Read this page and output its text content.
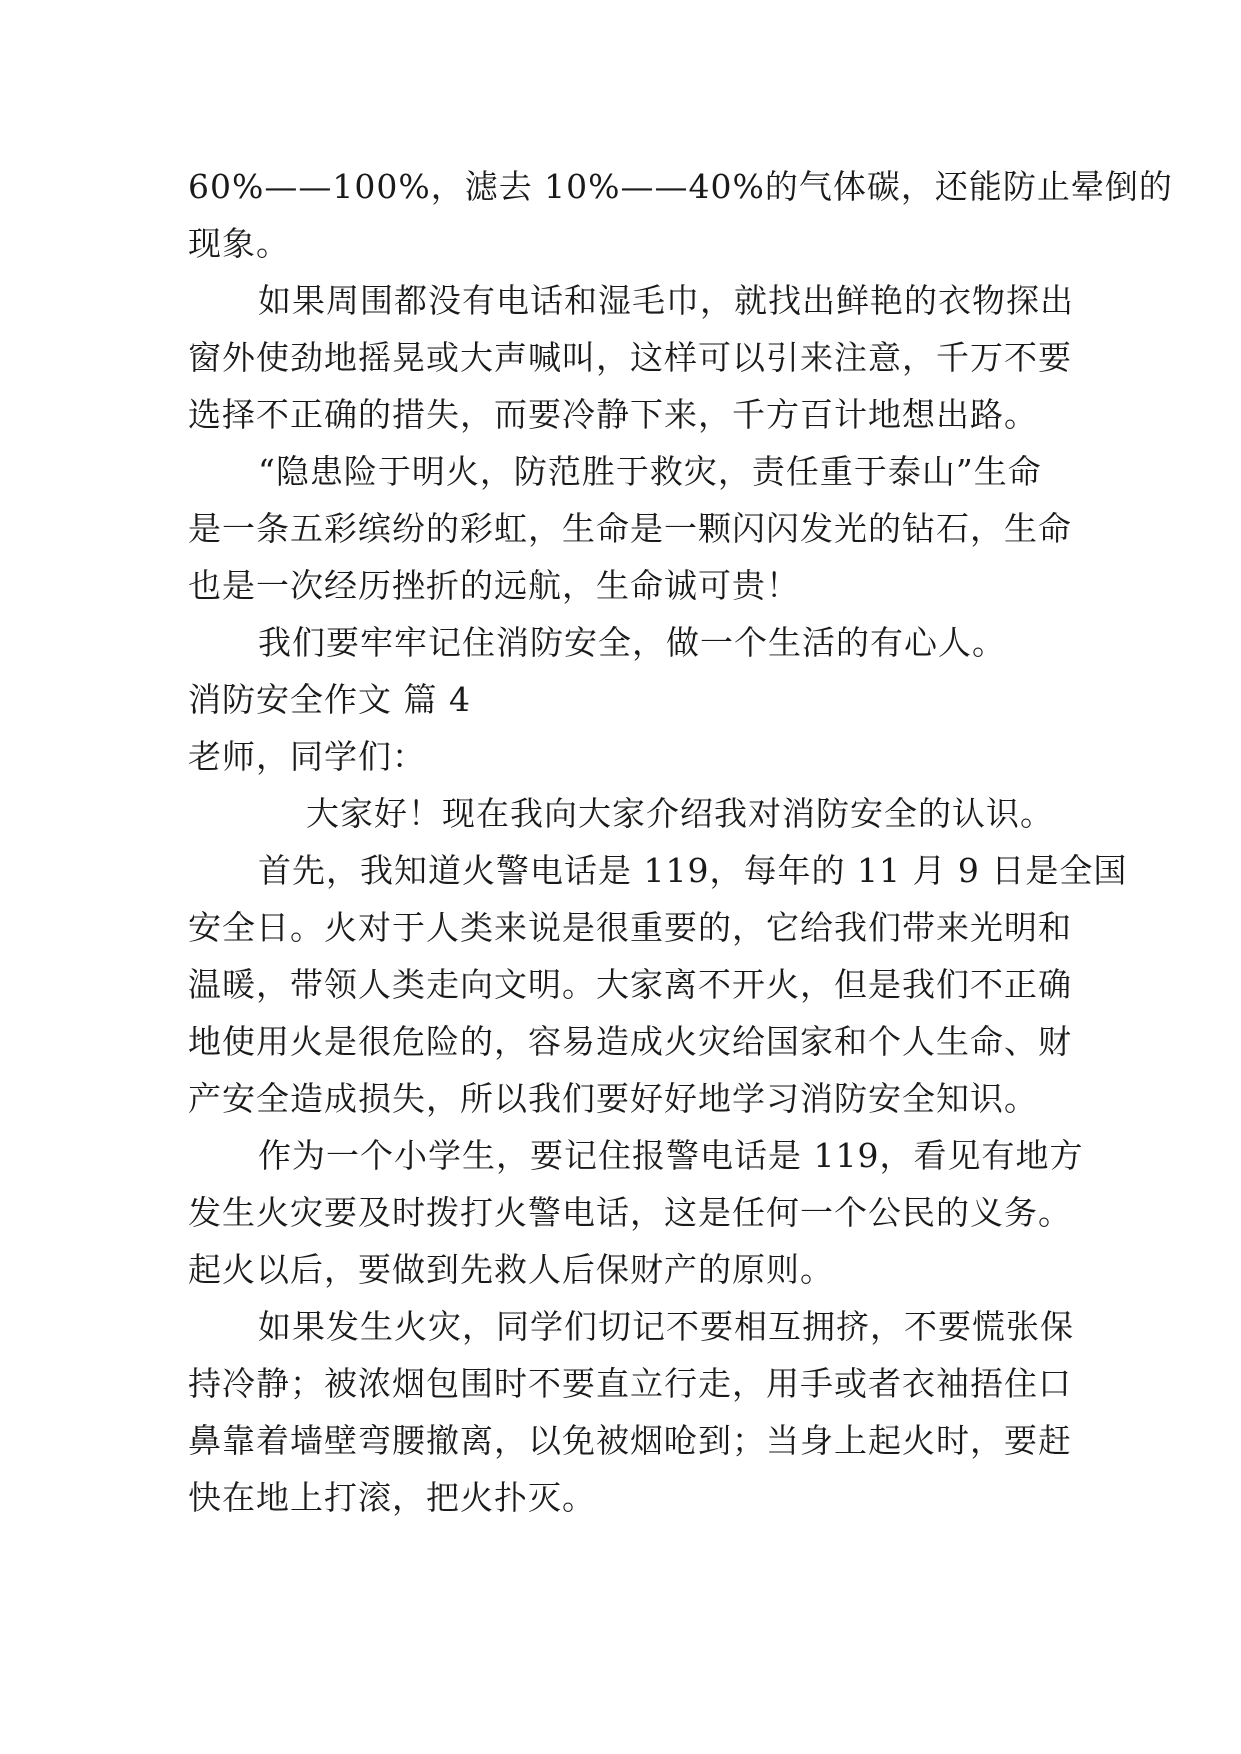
60%——100%，滤去 10%——40%的气体碳，还能防止晕倒的
现象。
如果周围都没有电话和湿毛巾，就找出鲜艳的衣物探出
窗外使劲地摇晃或大声喊叫，这样可以引来注意，千万不要
选择不正确的措失，而要冷静下来，千方百计地想出路。
“隐患险于明火，防范胜于救灾，责任重于泰山”生命
是一条五彩缤纷的彩虹，生命是一颗闪闪发光的钻石，生命
也是一次经历挫折的远航，生命诚可贵！
我们要牢牢记住消防安全，做一个生活的有心人。
消防安全作文 篇 4
老师，同学们：
大家好！现在我向大家介绍我对消防安全的认识。
首先，我知道火警电话是 119，每年的 11 月 9 日是全国
安全日。火对于人类来说是很重要的，它给我们带来光明和
温暖，带领人类走向文明。大家离不开火，但是我们不正确
地使用火是很危险的，容易造成火灾给国家和个人生命、财
产安全造成损失，所以我们要好好地学习消防安全知识。
作为一个小学生，要记住报警电话是 119，看见有地方
发生火灾要及时拨打火警电话，这是任何一个公民的义务。
起火以后，要做到先救人后保财产的原则。
如果发生火灾，同学们切记不要相互拥挤，不要慌张保
持冷静；被浓烟包围时不要直立行走，用手或者衣袖捂住口
鼻靠着墙壁弯腰撤离，以免被烟呛到；当身上起火时，要赶
快在地上打滚，把火扑灭。
